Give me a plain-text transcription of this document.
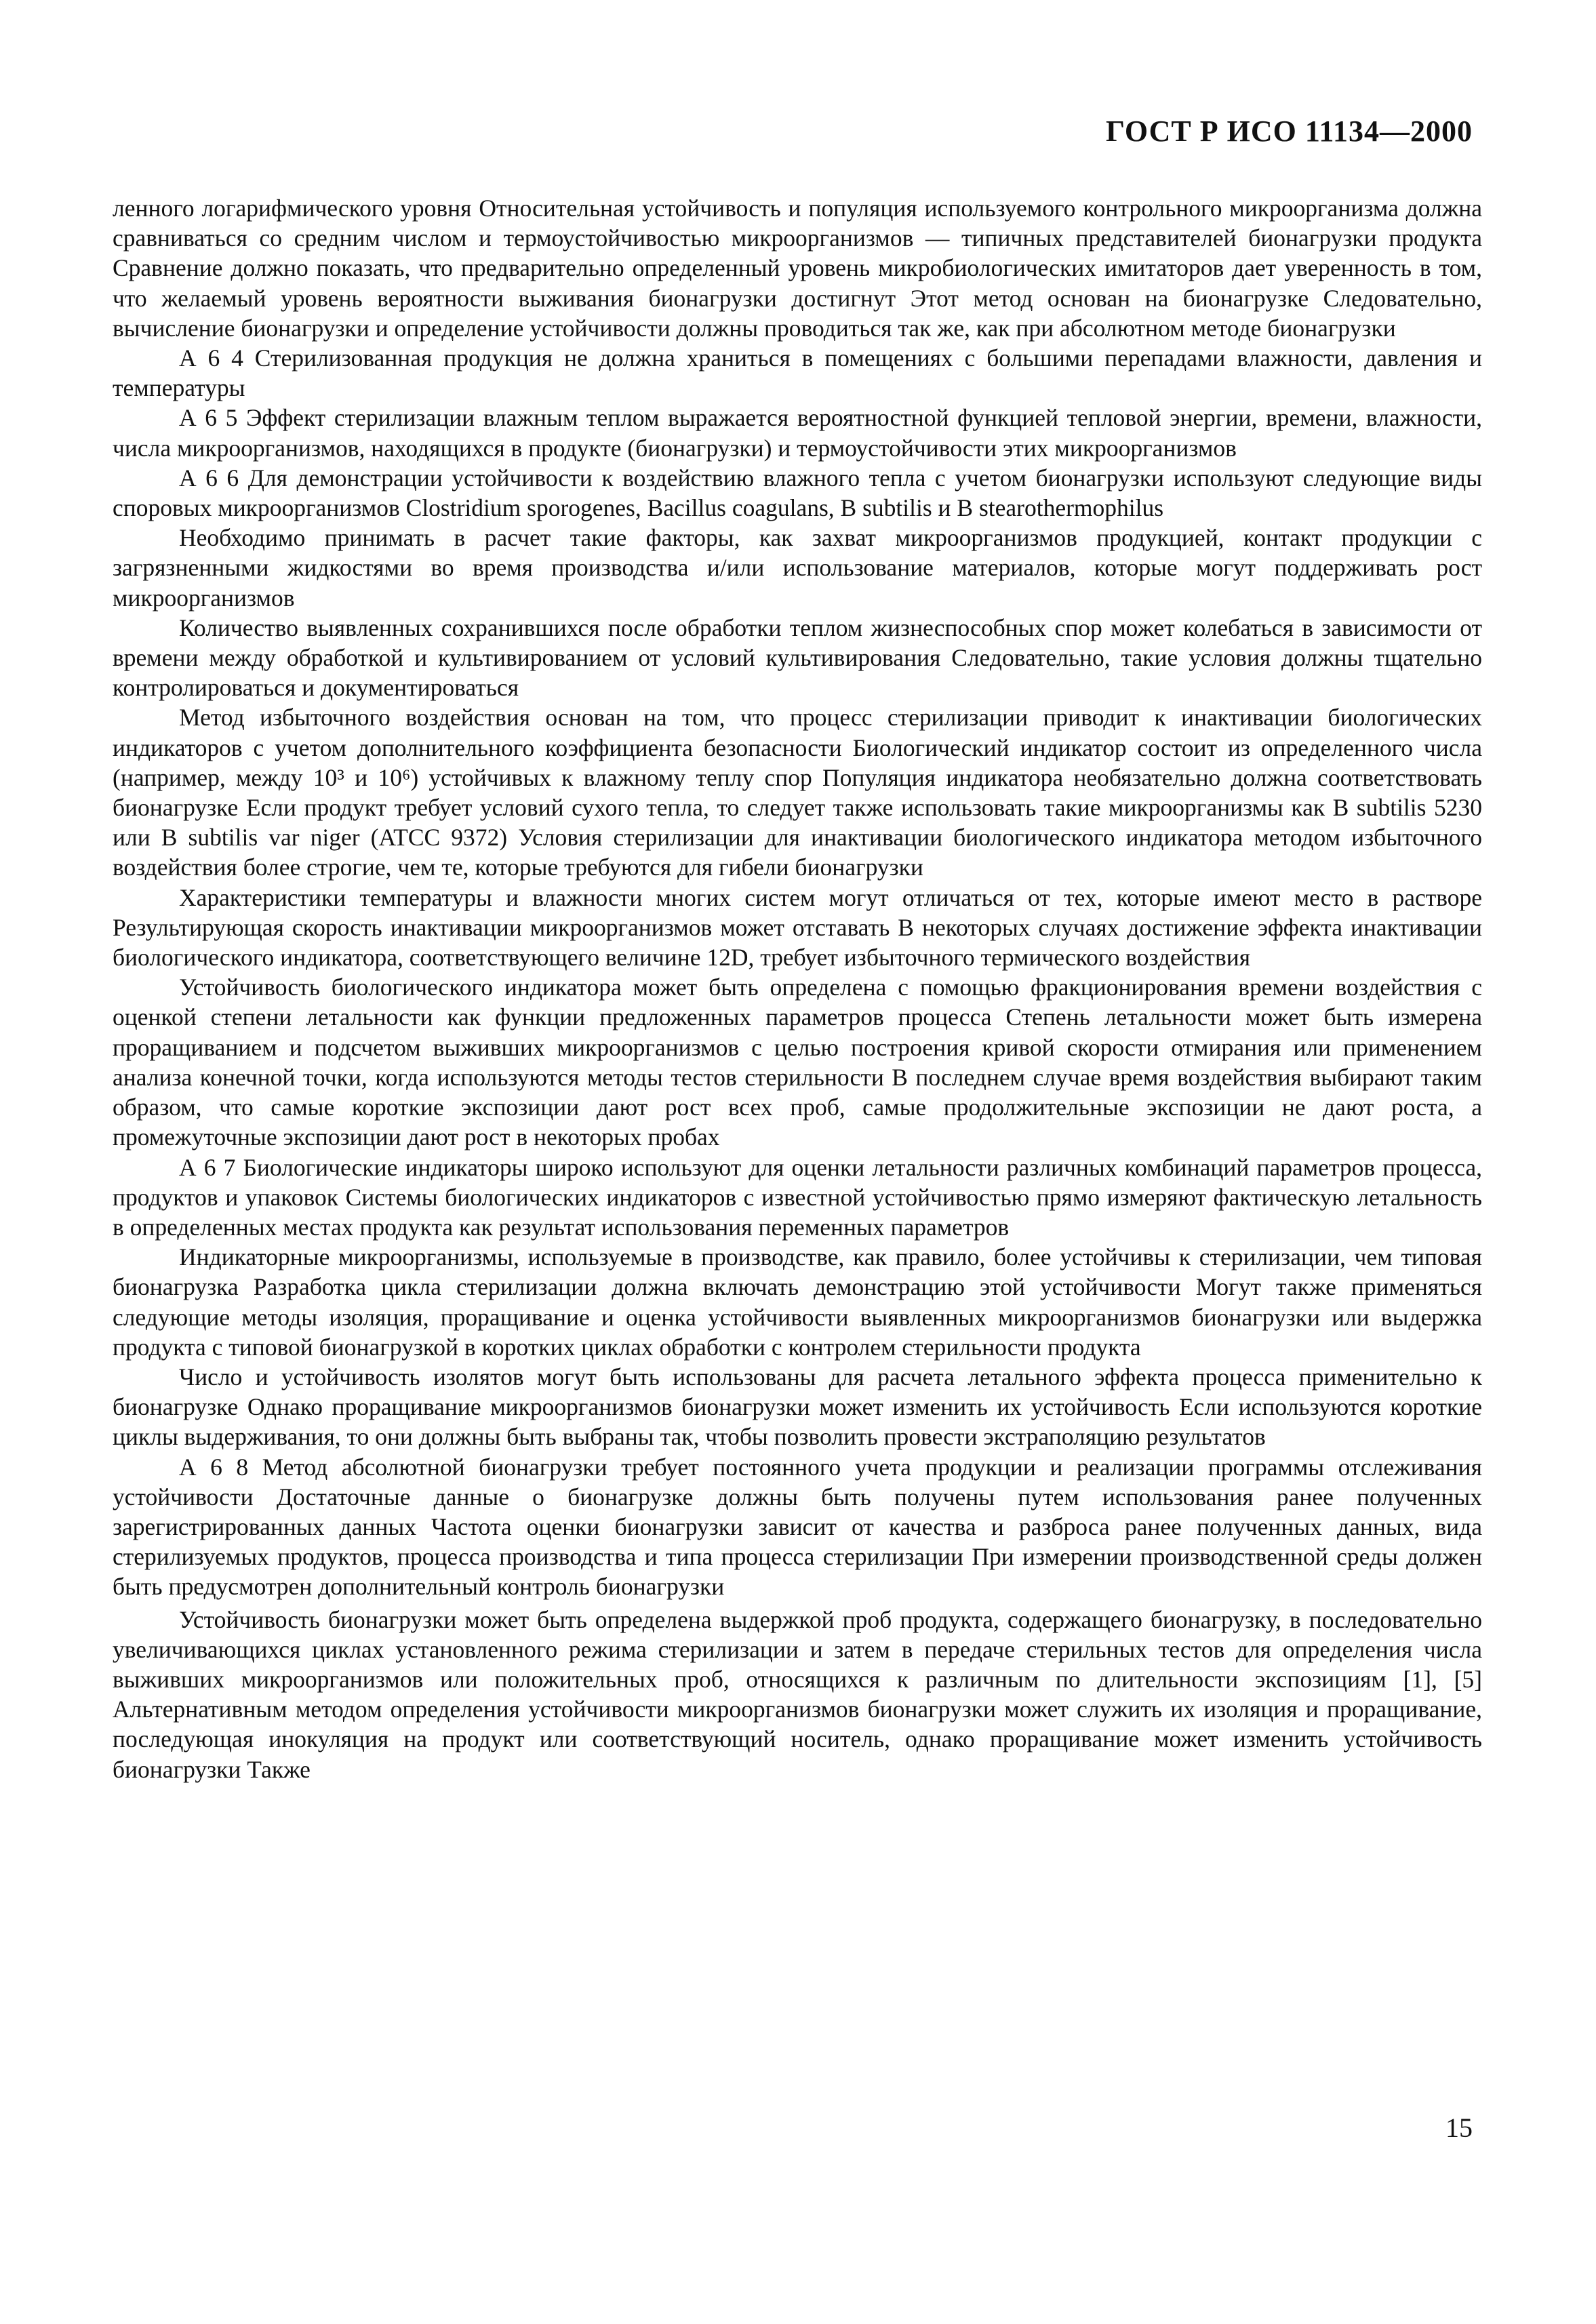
ГОСТ Р ИСО 11134—2000

ленного логарифмического уровня Относительная устойчивость и популяция используемого контрольного микроорганизма должна сравниваться со средним числом и термоустойчивостью микроорганизмов — типичных представителей бионагрузки продукта Сравнение должно показать, что предварительно определенный уровень микробиологических имитаторов дает уверенность в том, что желаемый уровень вероятности выживания бионагрузки достигнут Этот метод основан на бионагрузке Следовательно, вычисление бионагрузки и определение устойчивости должны проводиться так же, как при абсолютном методе бионагрузки

А 6 4 Стерилизованная продукция не должна храниться в помещениях с большими перепадами влажности, давления и температуры

А 6 5 Эффект стерилизации влажным теплом выражается вероятностной функцией тепловой энергии, времени, влажности, числа микроорганизмов, находящихся в продукте (бионагрузки) и термоустойчивости этих микроорганизмов

А 6 6 Для демонстрации устойчивости к воздействию влажного тепла с учетом бионагрузки используют следующие виды споровых микроорганизмов Clostrіdіum sporogenes, Bacіllus coagulans, B subtіlіs и B stearothermophіlus

Необходимо принимать в расчет такие факторы, как захват микроорганизмов продукцией, контакт продукции с загрязненными жидкостями во время производства и/или использование материалов, которые могут поддерживать рост микроорганизмов

Количество выявленных сохранившихся после обработки теплом жизнеспособных спор может колебаться в зависимости от времени между обработкой и культивированием от условий культивирования Следовательно, такие условия должны тщательно контролироваться и документироваться

Метод избыточного воздействия основан на том, что процесс стерилизации приводит к инактивации биологических индикаторов с учетом дополнительного коэффициента безопасности Биологический индикатор состоит из определенного числа (например, между 10³ и 10⁶) устойчивых к влажному теплу спор Популяция индикатора необязательно должна соответствовать бионагрузке Если продукт требует условий сухого тепла, то следует также использовать такие микроорганизмы как B subtіlіs 5230 или B subtіlіs var nіger (ATCC 9372) Условия стерилизации для инактивации биологического индикатора методом избыточного воздействия более строгие, чем те, которые требуются для гибели бионагрузки

Характеристики температуры и влажности многих систем могут отличаться от тех, которые имеют место в растворе Результирующая скорость инактивации микроорганизмов может отставать В некоторых случаях достижение эффекта инактивации биологического индикатора, соответствующего величине 12D, требует избыточного термического воздействия

Устойчивость биологического индикатора может быть определена с помощью фракционирования времени воздействия с оценкой степени летальности как функции предложенных параметров процесса Степень летальности может быть измерена проращиванием и подсчетом выживших микроорганизмов с целью построения кривой скорости отмирания или применением анализа конечной точки, когда используются методы тестов стерильности В последнем случае время воздействия выбирают таким образом, что самые короткие экспозиции дают рост всех проб, самые продолжительные экспозиции не дают роста, а промежуточные экспозиции дают рост в некоторых пробах

А 6 7 Биологические индикаторы широко используют для оценки летальности различных комбинаций параметров процесса, продуктов и упаковок Системы биологических индикаторов с известной устойчивостью прямо измеряют фактическую летальность в определенных местах продукта как результат использования переменных параметров

Индикаторные микроорганизмы, используемые в производстве, как правило, более устойчивы к стерилизации, чем типовая бионагрузка Разработка цикла стерилизации должна включать демонстрацию этой устойчивости Могут также применяться следующие методы изоляция, проращивание и оценка устойчивости выявленных микроорганизмов бионагрузки или выдержка продукта с типовой бионагрузкой в коротких циклах обработки с контролем стерильности продукта

Число и устойчивость изолятов могут быть использованы для расчета летального эффекта процесса применительно к бионагрузке Однако проращивание микроорганизмов бионагрузки может изменить их устойчивость Если используются короткие циклы выдерживания, то они должны быть выбраны так, чтобы позволить провести экстраполяцию результатов

А 6 8 Метод абсолютной бионагрузки требует постоянного учета продукции и реализации программы отслеживания устойчивости Достаточные данные о бионагрузке должны быть получены путем использования ранее полученных зарегистрированных данных Частота оценки бионагрузки зависит от качества и разброса ранее полученных данных, вида стерилизуемых продуктов, процесса производства и типа процесса стерилизации При измерении производственной среды должен быть предусмотрен дополнительный контроль бионагрузки

Устойчивость бионагрузки может быть определена выдержкой проб продукта, содержащего бионагрузку, в последовательно увеличивающихся циклах установленного режима стерилизации и затем в передаче стерильных тестов для определения числа выживших микроорганизмов или положительных проб, относящихся к различным по длительности экспозициям [1], [5] Альтернативным методом определения устойчивости микроорганизмов бионагрузки может служить их изоляция и проращивание, последующая инокуляция на продукт или соответствующий носитель, однако проращивание может изменить устойчивость бионагрузки Также

15
